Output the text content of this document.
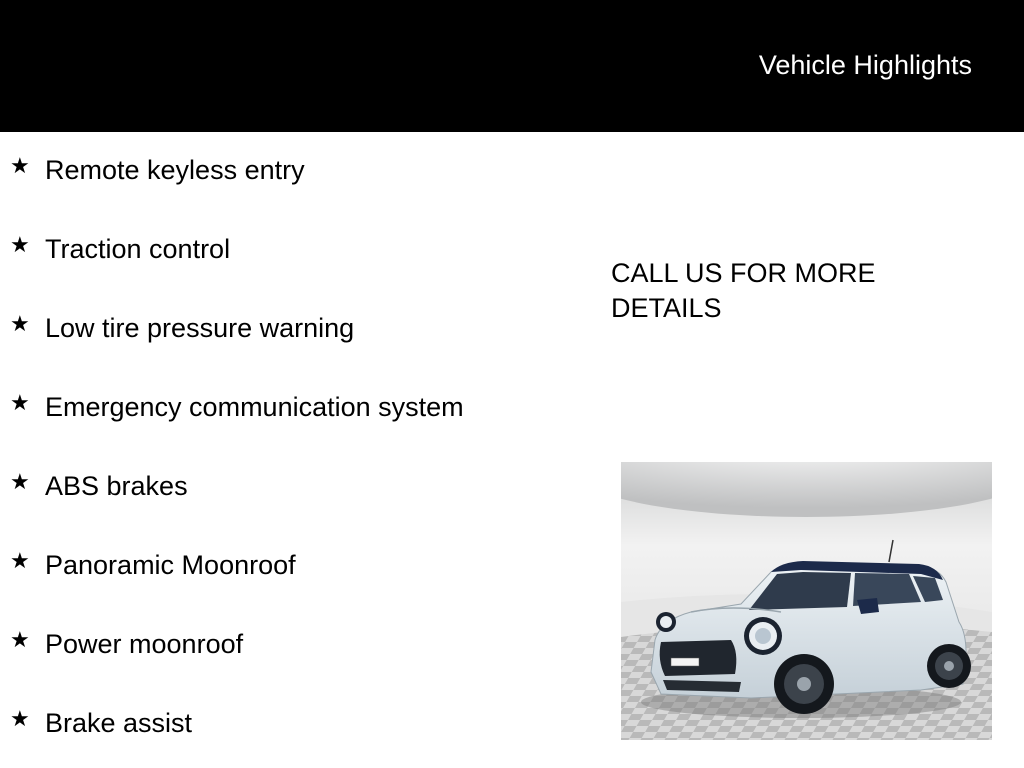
Vehicle Highlights
★ Remote keyless entry
★ Traction control
★ Low tire pressure warning
★ Emergency communication system
★ ABS brakes
★ Panoramic Moonroof
★ Power moonroof
★ Brake assist
CALL US FOR MORE DETAILS
